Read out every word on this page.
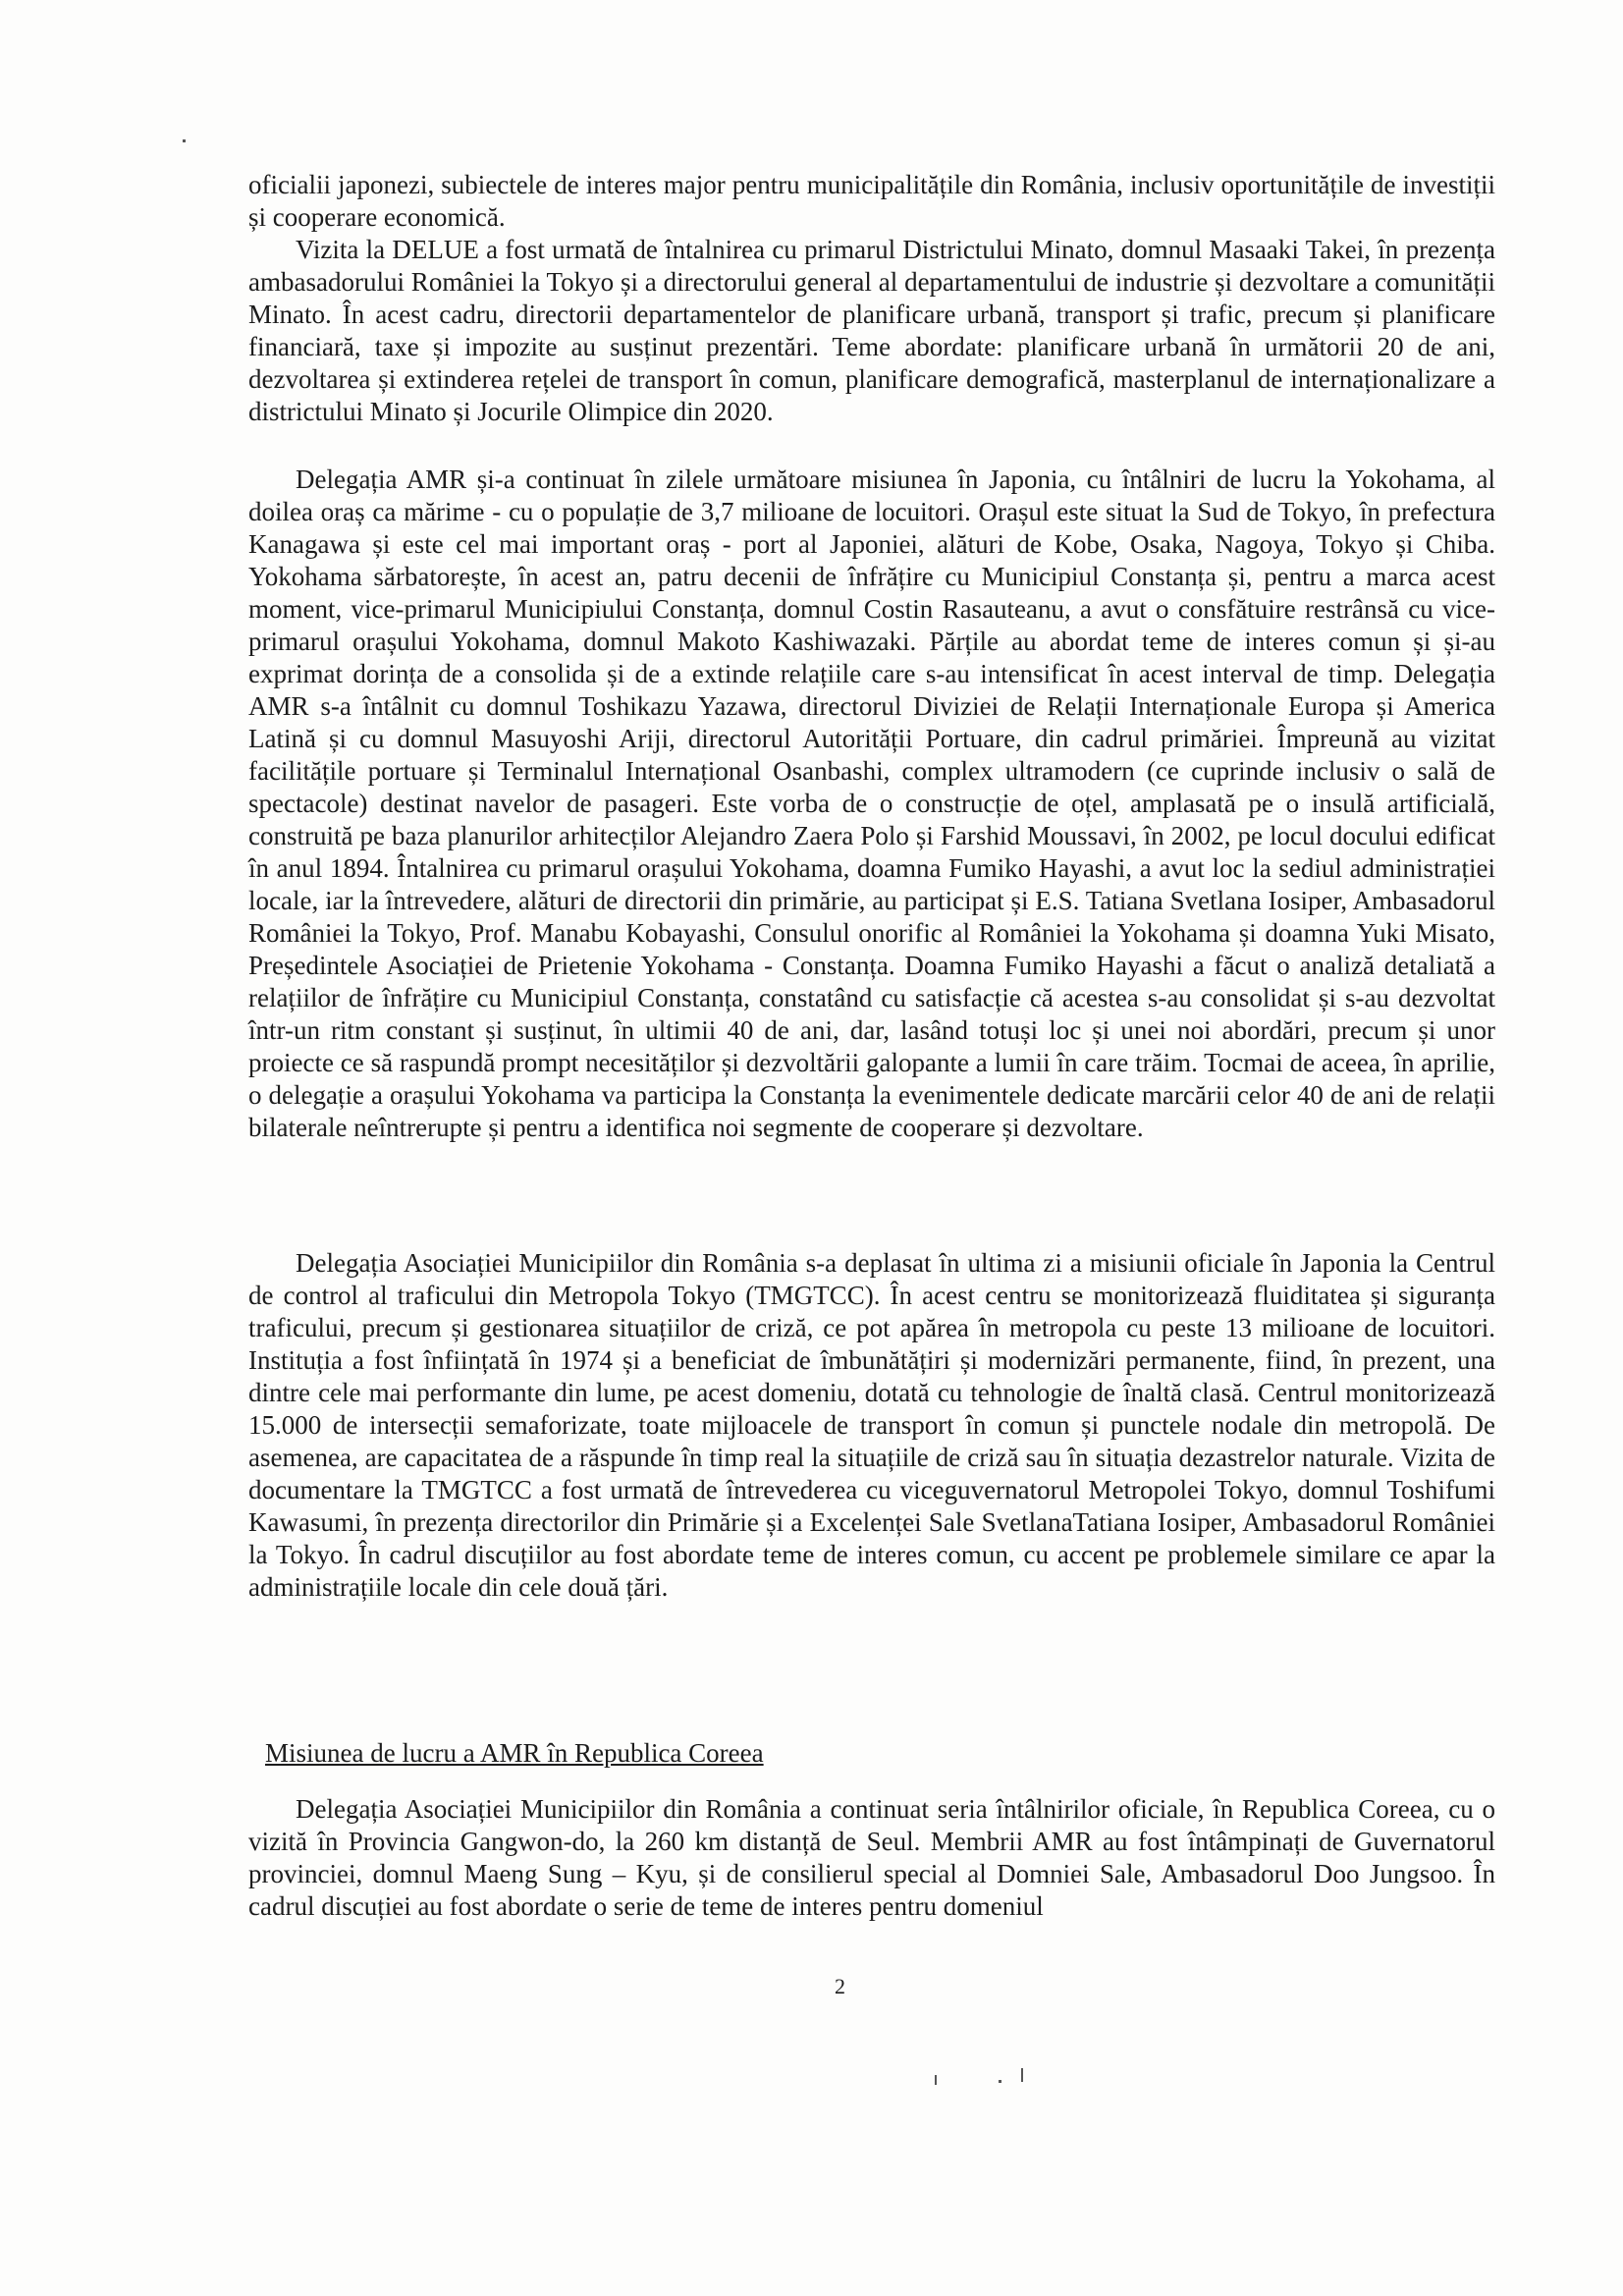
oficialii japonezi, subiectele de interes major pentru municipalitățile din România, inclusiv oportunitățile de investiții și cooperare economică.

Vizita la DELUE a fost urmată de întalnirea cu primarul Districtului Minato, domnul Masaaki Takei, în prezența ambasadorului României la Tokyo și a directorului general al departamentului de industrie și dezvoltare a comunității Minato. În acest cadru, directorii departamentelor de planificare urbană, transport și trafic, precum și planificare financiară, taxe și impozite au susținut prezentări. Teme abordate: planificare urbană în următorii 20 de ani, dezvoltarea și extinderea rețelei de transport în comun, planificare demografică, masterplanul de internaționalizare a districtului Minato și Jocurile Olimpice din 2020.

Delegația AMR și-a continuat în zilele următoare misiunea în Japonia, cu întâlniri de lucru la Yokohama, al doilea oraș ca mărime - cu o populație de 3,7 milioane de locuitori. Orașul este situat la Sud de Tokyo, în prefectura Kanagawa și este cel mai important oraș - port al Japoniei, alături de Kobe, Osaka, Nagoya, Tokyo și Chiba. Yokohama sărbatorește, în acest an, patru decenii de înfrățire cu Municipiul Constanța și, pentru a marca acest moment, vice-primarul Municipiului Constanța, domnul Costin Rasauteanu, a avut o consfătuire restrânsă cu vice-primarul orașului Yokohama, domnul Makoto Kashiwazaki. Părțile au abordat teme de interes comun și și-au exprimat dorința de a consolida și de a extinde relațiile care s-au intensificat în acest interval de timp. Delegația AMR s-a întâlnit cu domnul Toshikazu Yazawa, directorul Diviziei de Relații Internaționale Europa și America Latină și cu domnul Masuyoshi Ariji, directorul Autorității Portuare, din cadrul primăriei. Împreună au vizitat facilitățile portuare și Terminalul Internațional Osanbashi, complex ultramodern (ce cuprinde inclusiv o sală de spectacole) destinat navelor de pasageri. Este vorba de o construcție de oțel, amplasată pe o insulă artificială, construită pe baza planurilor arhitecților Alejandro Zaera Polo și Farshid Moussavi, în 2002, pe locul docului edificat în anul 1894. Întalnirea cu primarul orașului Yokohama, doamna Fumiko Hayashi, a avut loc la sediul administrației locale, iar la întrevedere, alături de directorii din primărie, au participat și E.S. Tatiana Svetlana Iosiper, Ambasadorul României la Tokyo, Prof. Manabu Kobayashi, Consulul onorific al României la Yokohama și doamna Yuki Misato, Președintele Asociației de Prietenie Yokohama - Constanța. Doamna Fumiko Hayashi a făcut o analiză detaliată a relațiilor de înfrățire cu Municipiul Constanța, constatând cu satisfacție că acestea s-au consolidat și s-au dezvoltat într-un ritm constant și susținut, în ultimii 40 de ani, dar, lasând totuși loc și unei noi abordări, precum și unor proiecte ce să raspundă prompt necesităților și dezvoltării galopante a lumii în care trăim. Tocmai de aceea, în aprilie, o delegație a orașului Yokohama va participa la Constanța la evenimentele dedicate marcării celor 40 de ani de relații bilaterale neîntrerupte și pentru a identifica noi segmente de cooperare și dezvoltare.

Delegația Asociației Municipiilor din România s-a deplasat în ultima zi a misiunii oficiale în Japonia la Centrul de control al traficului din Metropola Tokyo (TMGTCC). În acest centru se monitorizează fluiditatea și siguranța traficului, precum și gestionarea situațiilor de criză, ce pot apărea în metropola cu peste 13 milioane de locuitori. Instituția a fost înființată în 1974 și a beneficiat de îmbunătățiri și modernizări permanente, fiind, în prezent, una dintre cele mai performante din lume, pe acest domeniu, dotată cu tehnologie de înaltă clasă. Centrul monitorizează 15.000 de intersecții semaforizate, toate mijloacele de transport în comun și punctele nodale din metropolă. De asemenea, are capacitatea de a răspunde în timp real la situațiile de criză sau în situația dezastrelor naturale. Vizita de documentare la TMGTCC a fost urmată de întrevederea cu viceguvernatorul Metropolei Tokyo, domnul Toshifumi Kawasumi, în prezența directorilor din Primărie și a Excelenței Sale SvetlanaTatiana Iosiper, Ambasadorul României la Tokyo. În cadrul discuțiilor au fost abordate teme de interes comun, cu accent pe problemele similare ce apar la administrațiile locale din cele două țări.

Misiunea de lucru a AMR în Republica Coreea

Delegația Asociației Municipiilor din România a continuat seria întâlnirilor oficiale, în Republica Coreea, cu o vizită în Provincia Gangwon-do, la 260 km distanță de Seul. Membrii AMR au fost întâmpinați de Guvernatorul provinciei, domnul Maeng Sung – Kyu, și de consilierul special al Domniei Sale, Ambasadorul Doo Jungsoo. În cadrul discuției au fost abordate o serie de teme de interes pentru domeniul

2
